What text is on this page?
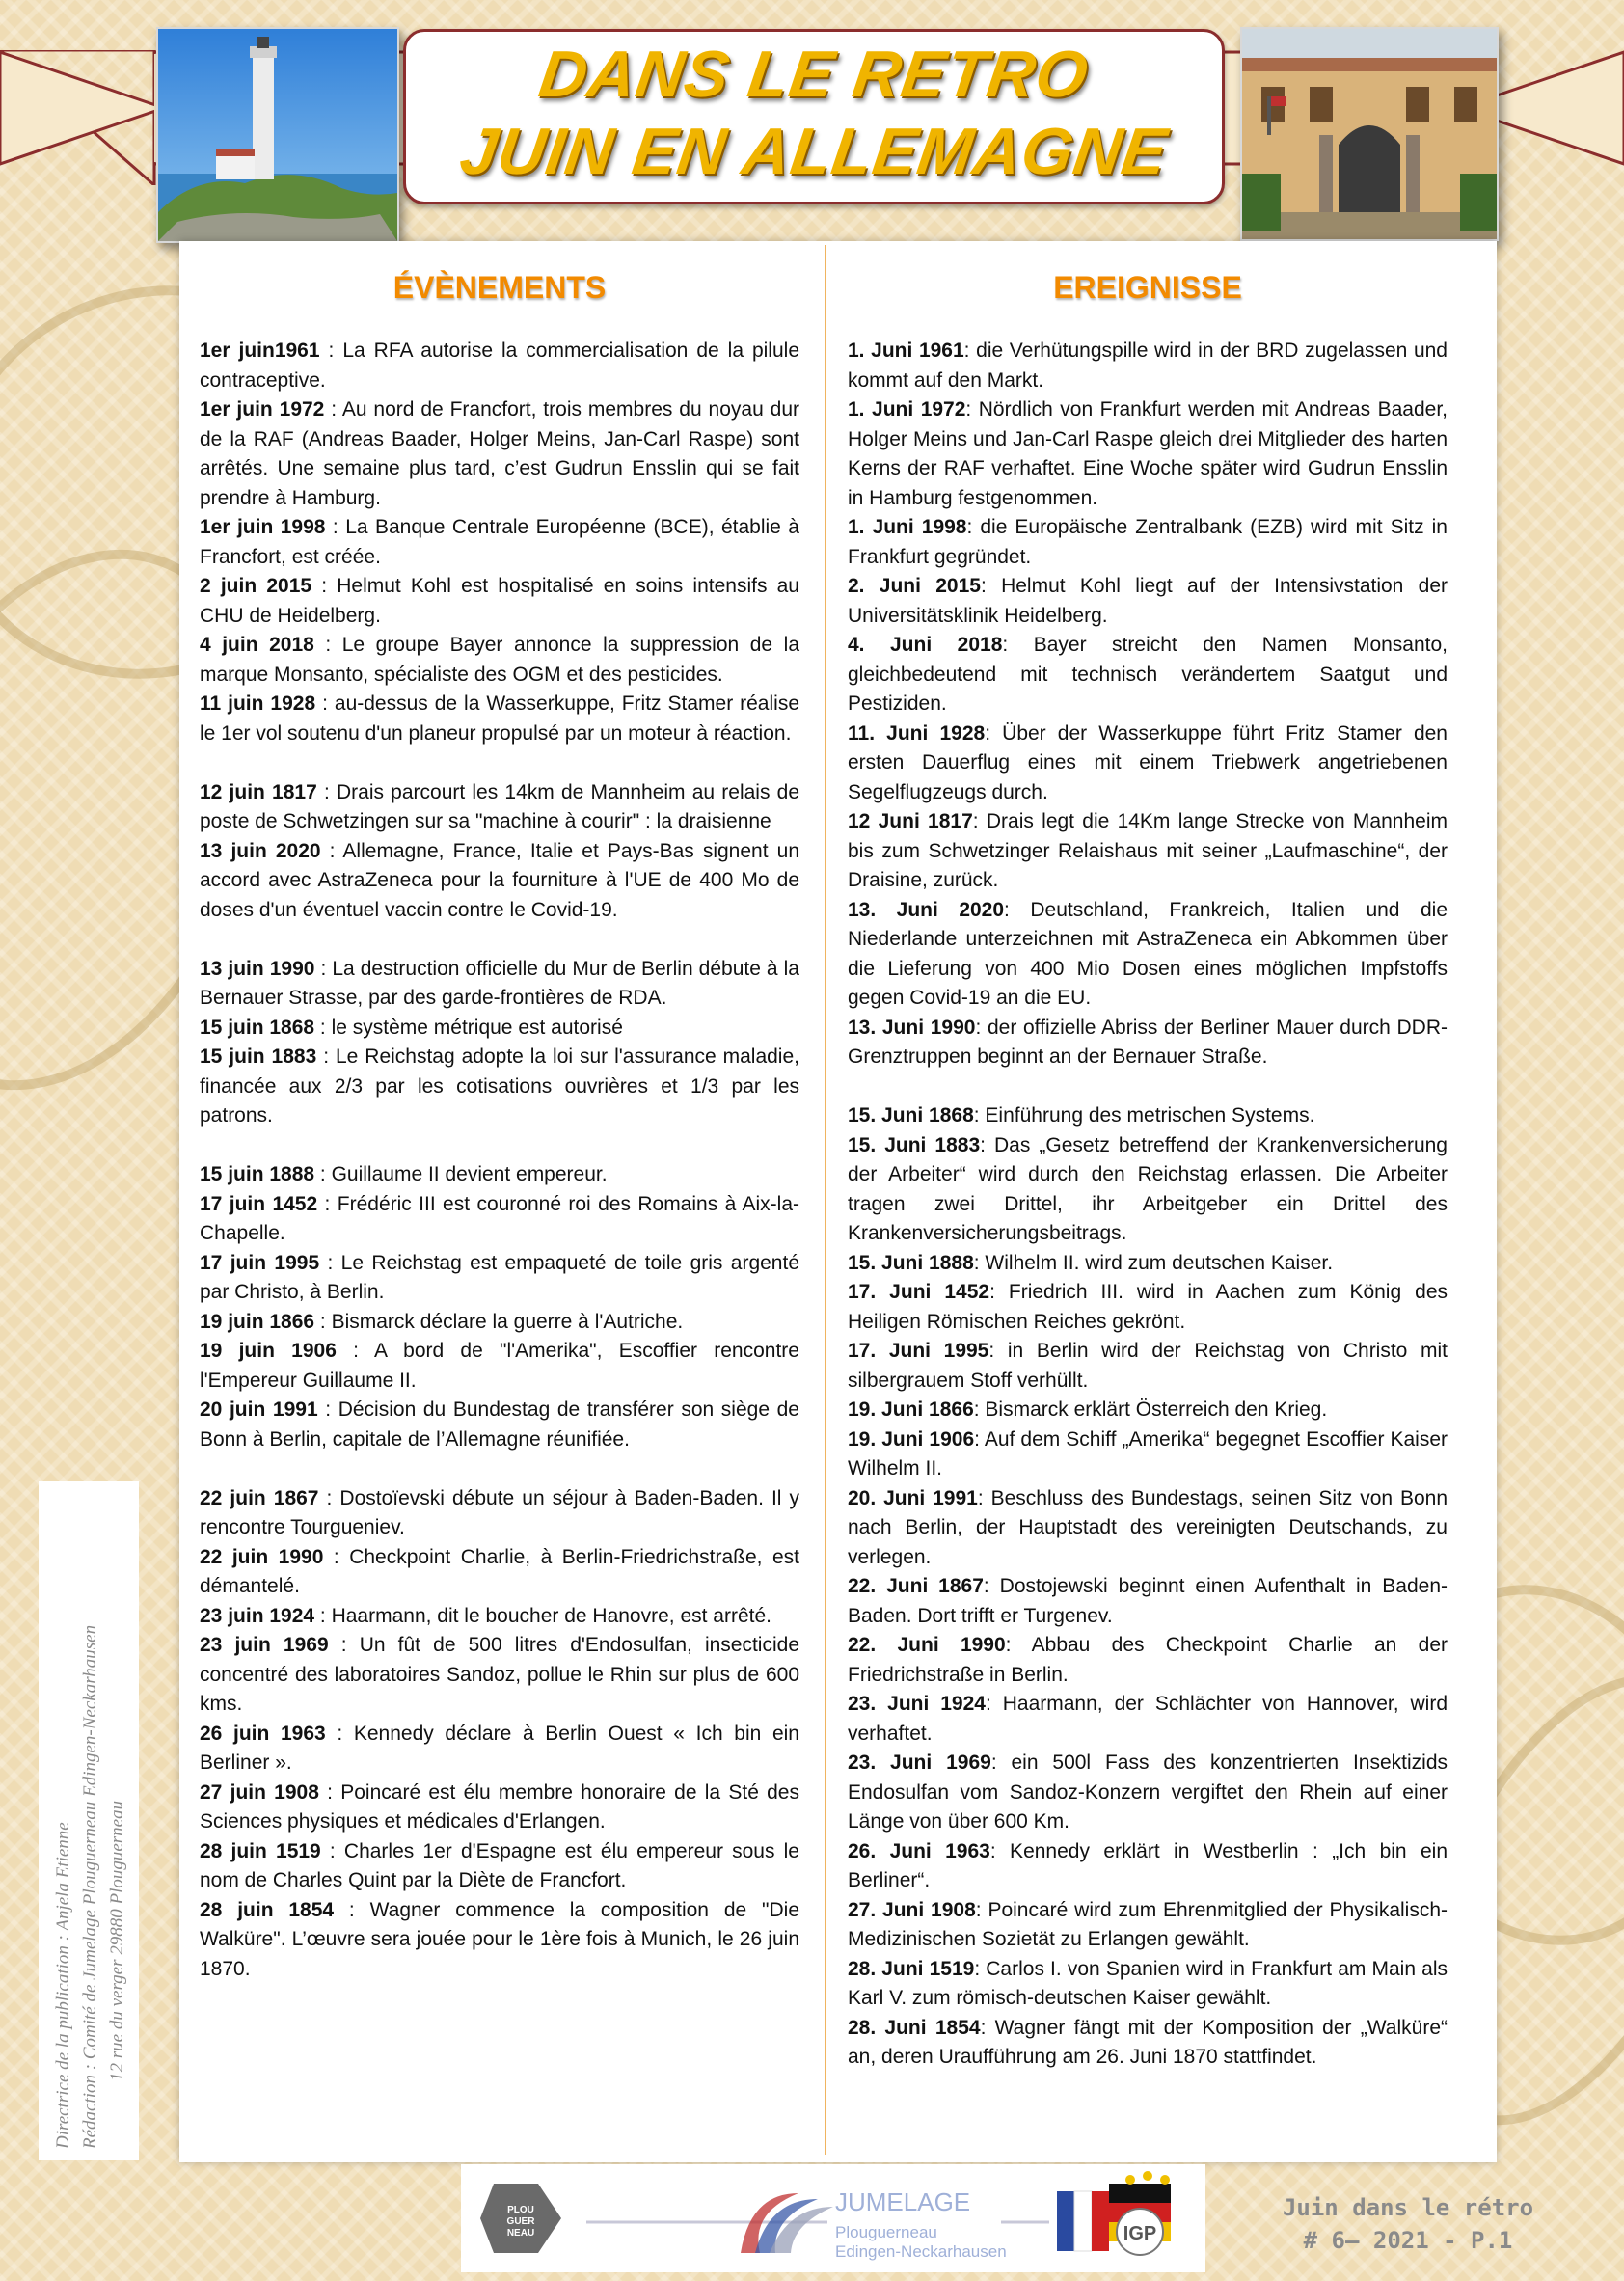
DANS LE RETRO
JUIN EN ALLEMAGNE
ÉVÈNEMENTS

1er juin1961 : La RFA autorise la commercialisation de la pilule contraceptive.

1er juin 1972 : Au nord de Francfort, trois membres du noyau dur de la RAF (Andreas Baader, Holger Meins, Jan-Carl Raspe) sont arrêtés. Une semaine plus tard, c’est Gudrun Ensslin qui se fait prendre à Hamburg.

1er juin 1998 : La Banque Centrale Européenne (BCE), établie à Francfort, est créée.

2 juin 2015 : Helmut Kohl est hospitalisé en soins intensifs au CHU de Heidelberg.

4 juin 2018 : Le groupe Bayer annonce la suppression de la marque Monsanto, spécialiste des OGM et des pesticides.

11 juin 1928 : au-dessus de la Wasserkuppe, Fritz Stamer réalise le 1er vol soutenu d'un planeur propulsé par un moteur à réaction.

12 juin 1817 : Drais parcourt les 14km de Mannheim au relais de poste de Schwetzingen sur sa "machine à courir" : la draisienne

13 juin 2020 : Allemagne, France, Italie et Pays-Bas signent un accord avec AstraZeneca pour la fourniture à l'UE de 400 Mo de doses d'un éventuel vaccin contre le Covid-19.

13 juin 1990 : La destruction officielle du Mur de Berlin débute à la Bernauer Strasse, par des garde-frontières de RDA.

15 juin 1868 : le système métrique est autorisé

15 juin 1883 : Le Reichstag adopte la loi sur l'assurance maladie, financée aux 2/3 par les cotisations ouvrières et 1/3 par les patrons.

15 juin 1888 : Guillaume II devient empereur.

17 juin 1452 : Frédéric III est couronné roi des Romains à Aix-la-Chapelle.

17 juin 1995 : Le Reichstag est empaqueté de toile gris argenté par Christo, à Berlin.

19 juin 1866 : Bismarck déclare la guerre à l'Autriche.

19 juin 1906 : A bord de "l'Amerika", Escoffier rencontre l'Empereur Guillaume II.

20 juin 1991 : Décision du Bundestag de transférer son siège de Bonn à Berlin, capitale de l’Allemagne réunifiée.

22 juin 1867 : Dostoïevski débute un séjour à Baden-Baden. Il y rencontre Tourgueniev.

22 juin 1990 : Checkpoint Charlie, à Berlin-Friedrichstraße, est démantelé.

23 juin 1924 : Haarmann, dit le boucher de Hanovre, est arrêté.

23 juin 1969 : Un fût de 500 litres d'Endosulfan, insecticide concentré des laboratoires Sandoz, pollue le Rhin sur plus de 600 kms.

26 juin 1963 : Kennedy déclare à Berlin Ouest « Ich bin ein Berliner ».

27 juin 1908 : Poincaré est élu membre honoraire de la Sté des Sciences physiques et médicales d'Erlangen.

28 juin 1519 : Charles 1er d'Espagne est élu empereur sous le nom de Charles Quint par la Diète de Francfort.

28 juin 1854 : Wagner commence la composition de "Die Walküre". L’œuvre sera jouée pour le 1ère fois à Munich, le 26 juin 1870.

EREIGNISSE

1. Juni 1961: die Verhütungspille wird in der BRD zugelassen und kommt auf den Markt.

1. Juni 1972: Nördlich von Frankfurt werden mit Andreas Baader, Holger Meins und Jan-Carl Raspe gleich drei Mitglieder des harten Kerns der RAF verhaftet. Eine Woche später wird Gudrun Ensslin in Hamburg festgenommen.

1. Juni 1998: die Europäische Zentralbank (EZB) wird mit Sitz in Frankfurt gegründet.

2. Juni 2015: Helmut Kohl liegt auf der Intensivstation der Universitätsklinik Heidelberg.

4. Juni 2018: Bayer streicht den Namen Monsanto, gleichbedeutend mit technisch verändertem Saatgut und Pestiziden.

11. Juni 1928: Über der Wasserkuppe führt Fritz Stamer den ersten Dauerflug eines mit einem Triebwerk angetriebenen Segelflugzeugs durch.

12 Juni 1817: Drais legt die 14Km lange Strecke von Mannheim bis zum Schwetzinger Relaishaus mit seiner „Laufmaschine“, der Draisine, zurück.

13. Juni 2020: Deutschland, Frankreich, Italien und die Niederlande unterzeichnen mit AstraZeneca ein Abkommen über die Lieferung von 400 Mio Dosen eines möglichen Impfstoffs gegen Covid-19 an die EU.

13. Juni 1990: der offizielle Abriss der Berliner Mauer durch DDR-Grenztruppen beginnt an der Bernauer Straße.

15. Juni 1868: Einführung des metrischen Systems.

15. Juni 1883: Das „Gesetz betreffend der Krankenversicherung der Arbeiter“ wird durch den Reichstag erlassen. Die Arbeiter tragen zwei Drittel, ihr Arbeitgeber ein Drittel des Krankenversicherungsbeitrags.

15. Juni 1888: Wilhelm II. wird zum deutschen Kaiser.

17. Juni 1452: Friedrich III. wird in Aachen zum König des Heiligen Römischen Reiches gekrönt.

17. Juni 1995: in Berlin wird der Reichstag von Christo mit silbergrauem Stoff verhüllt.

19. Juni 1866: Bismarck erklärt Österreich den Krieg.

19. Juni 1906: Auf dem Schiff „Amerika“ begegnet Escoffier Kaiser Wilhelm II.

20. Juni 1991: Beschluss des Bundestags, seinen Sitz von Bonn nach Berlin, der Hauptstadt des vereinigten Deutschands, zu verlegen.

22. Juni 1867: Dostojewski beginnt einen Aufenthalt in Baden-Baden. Dort trifft er Turgenev.

22. Juni 1990: Abbau des Checkpoint Charlie an der Friedrichstraße in Berlin.

23. Juni 1924: Haarmann, der Schlächter von Hannover, wird verhaftet.

23. Juni 1969: ein 500l Fass des konzentrierten Insektizids Endosulfan vom Sandoz-Konzern vergiftet den Rhein auf einer Länge von über 600 Km.

26. Juni 1963: Kennedy erklärt in Westberlin : „Ich bin ein Berliner“.

27. Juni 1908: Poincaré wird zum Ehrenmitglied der Physikalisch-Medizinischen Sozietät zu Erlangen gewählt.

28. Juni 1519: Carlos I. von Spanien wird in Frankfurt am Main als Karl V. zum römisch-deutschen Kaiser gewählt.

28. Juni 1854: Wagner fängt mit der Komposition der „Walküre“ an, deren Uraufführung am 26. Juni 1870 stattfindet.

Directrice de la publication : Anjela Etienne Rédaction : Comité de Jumelage Plouguerneau Edingen-Neckarhausen 12 rue du verger 29880 Plouguerneau
PLOU
GUER
NEAU
JUMELAGE
Plouguerneau
Edingen-Neckarhausen
IGP
Juin dans le rétro
# 6– 2021 - P.1
